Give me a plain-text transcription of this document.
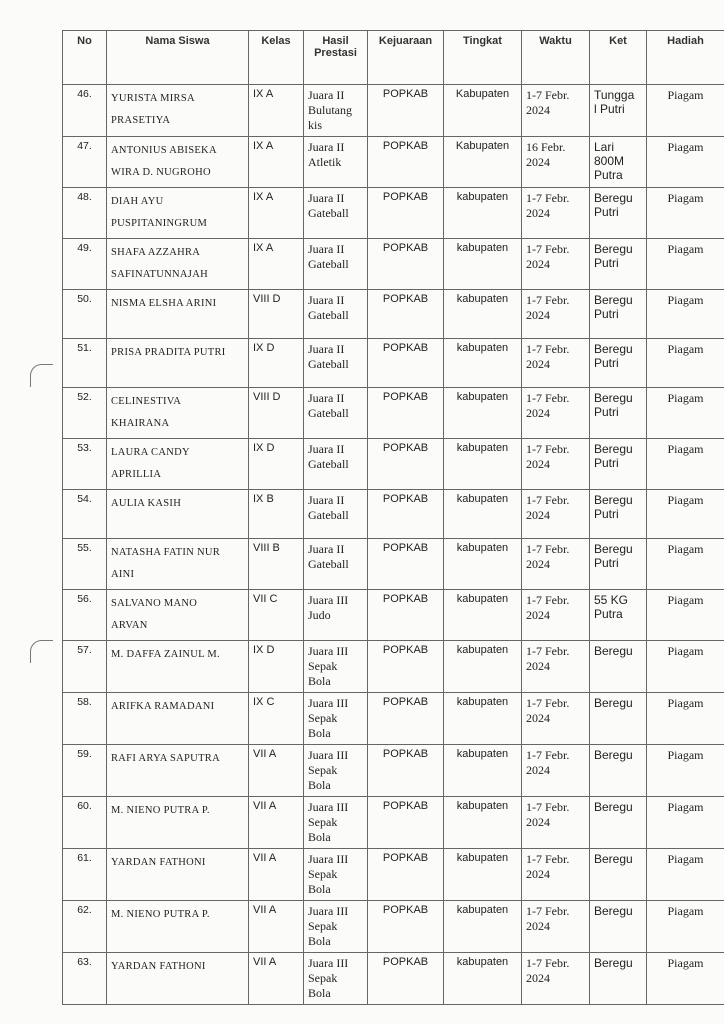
No	Nama Siswa	Kelas	Hasil
Prestasi	Kejuaraan	Tingkat	Waktu	Ket	Hadiah
46.	YURISTA MIRSA
PRASETIYA	IX A	Juara II
Bulutang
kis	POPKAB	Kabupaten	1-7 Febr.
2024	Tungga
l Putri	Piagam
47.	ANTONIUS ABISEKA
WIRA D. NUGROHO	IX A	Juara II
Atletik	POPKAB	Kabupaten	16 Febr.
2024	Lari
800M
Putra	Piagam
48.	DIAH AYU
PUSPITANINGRUM	IX A	Juara II
Gateball	POPKAB	kabupaten	1-7 Febr.
2024	Beregu
Putri	Piagam
49.	SHAFA AZZAHRA
SAFINATUNNAJAH	IX A	Juara II
Gateball	POPKAB	kabupaten	1-7 Febr.
2024	Beregu
Putri	Piagam
50.	NISMA ELSHA ARINI	VIII D	Juara II
Gateball	POPKAB	kabupaten	1-7 Febr.
2024	Beregu
Putri	Piagam
51.	PRISA PRADITA PUTRI	IX D	Juara II
Gateball	POPKAB	kabupaten	1-7 Febr.
2024	Beregu
Putri	Piagam
52.	CELINESTIVA
KHAIRANA	VIII D	Juara II
Gateball	POPKAB	kabupaten	1-7 Febr.
2024	Beregu
Putri	Piagam
53.	LAURA CANDY
APRILLIA	IX D	Juara II
Gateball	POPKAB	kabupaten	1-7 Febr.
2024	Beregu
Putri	Piagam
54.	AULIA KASIH	IX B	Juara II
Gateball	POPKAB	kabupaten	1-7 Febr.
2024	Beregu
Putri	Piagam
55.	NATASHA FATIN NUR
AINI	VIII B	Juara II
Gateball	POPKAB	kabupaten	1-7 Febr.
2024	Beregu
Putri	Piagam
56.	SALVANO MANO
ARVAN	VII C	Juara III
Judo	POPKAB	kabupaten	1-7 Febr.
2024	55 KG
Putra	Piagam
57.	M. DAFFA ZAINUL M.	IX D	Juara III
Sepak
Bola	POPKAB	kabupaten	1-7 Febr.
2024	Beregu	Piagam
58.	ARIFKA RAMADANI	IX C	Juara III
Sepak
Bola	POPKAB	kabupaten	1-7 Febr.
2024	Beregu	Piagam
59.	RAFI ARYA SAPUTRA	VII A	Juara III
Sepak
Bola	POPKAB	kabupaten	1-7 Febr.
2024	Beregu	Piagam
60.	M. NIENO PUTRA P.	VII A	Juara III
Sepak
Bola	POPKAB	kabupaten	1-7 Febr.
2024	Beregu	Piagam
61.	YARDAN FATHONI	VII A	Juara III
Sepak
Bola	POPKAB	kabupaten	1-7 Febr.
2024	Beregu	Piagam
62.	M. NIENO PUTRA P.	VII A	Juara III
Sepak
Bola	POPKAB	kabupaten	1-7 Febr.
2024	Beregu	Piagam
63.	YARDAN FATHONI	VII A	Juara III
Sepak
Bola	POPKAB	kabupaten	1-7 Febr.
2024	Beregu	Piagam
